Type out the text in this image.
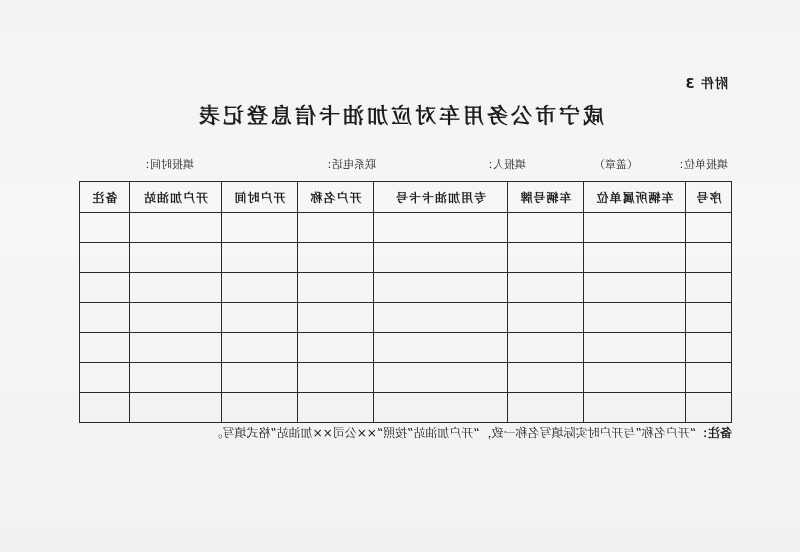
附件 3
咸宁市公务用车对应加油卡信息登记表
填报单位：
（盖章）
填报人：
联系电话：
填报时间：
序号	车辆所属单位	车辆号牌	专用加油卡卡号	开户名称	开户时间	开户加油站	备注

备注：“开户名称”与开户时实际填写名称一致，“开户加油站”按照“××公司××加油站”格式填写。
